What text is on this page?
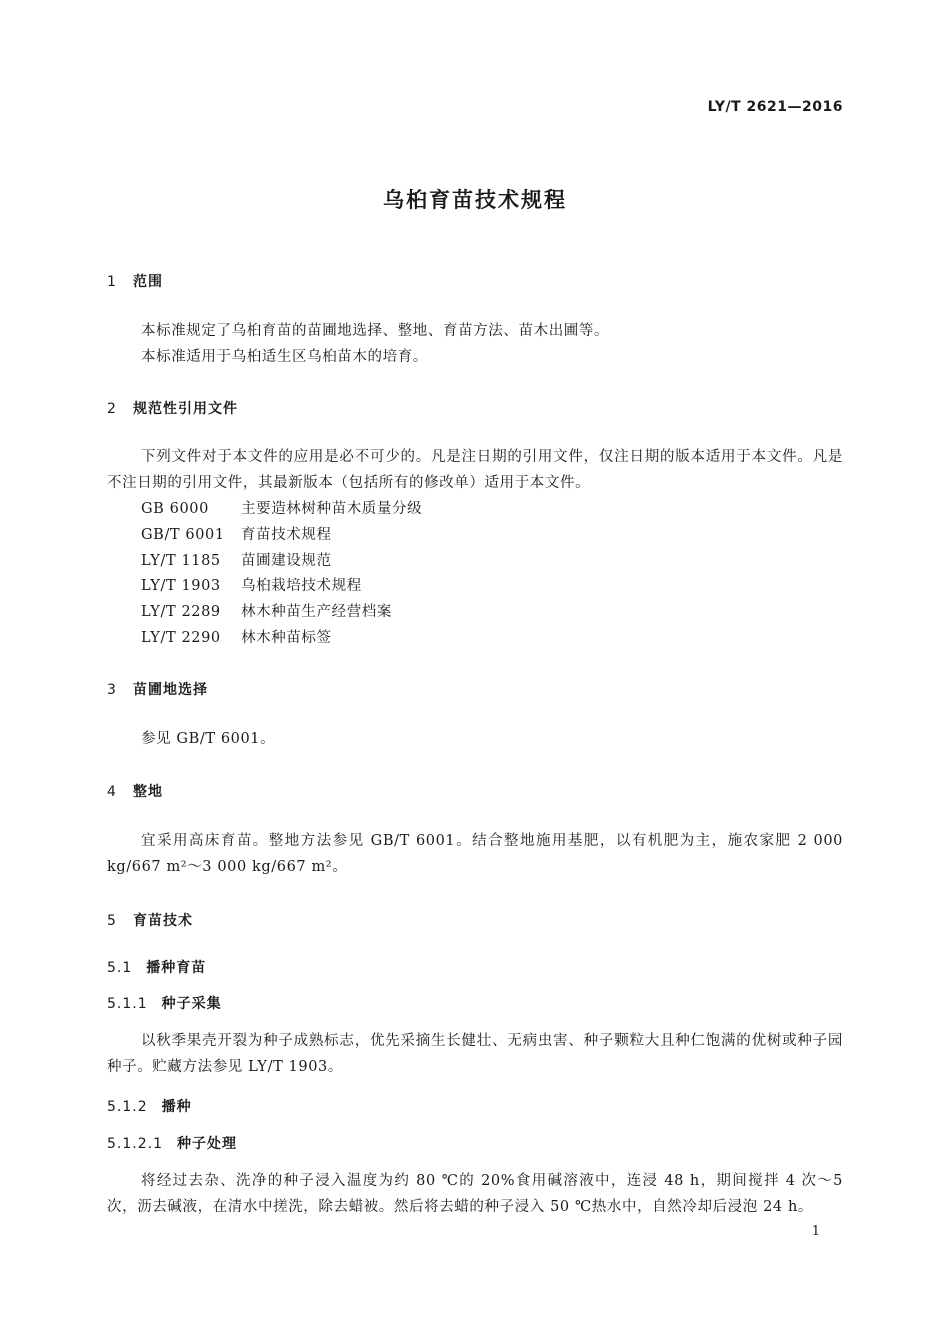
LY/T 2621—2016
乌桕育苗技术规程
1 范围
本标准规定了乌桕育苗的苗圃地选择、整地、育苗方法、苗木出圃等。
本标准适用于乌桕适生区乌桕苗木的培育。
2 规范性引用文件
下列文件对于本文件的应用是必不可少的。凡是注日期的引用文件，仅注日期的版本适用于本文件。凡是不注日期的引用文件，其最新版本（包括所有的修改单）适用于本文件。
GB 6000 主要造林树种苗木质量分级
GB/T 6001 育苗技术规程
LY/T 1185 苗圃建设规范
LY/T 1903 乌桕栽培技术规程
LY/T 2289 林木种苗生产经营档案
LY/T 2290 林木种苗标签
3 苗圃地选择
参见 GB/T 6001。
4 整地
宜采用高床育苗。整地方法参见 GB/T 6001。结合整地施用基肥，以有机肥为主，施农家肥 2 000 kg/667 m²～3 000 kg/667 m²。
5 育苗技术
5.1 播种育苗
5.1.1 种子采集
以秋季果壳开裂为种子成熟标志，优先采摘生长健壮、无病虫害、种子颗粒大且种仁饱满的优树或种子园种子。贮藏方法参见 LY/T 1903。
5.1.2 播种
5.1.2.1 种子处理
将经过去杂、洗净的种子浸入温度为约 80 ℃的 20%食用碱溶液中，连浸 48 h，期间搅拌 4 次～5 次，沥去碱液，在清水中搓洗，除去蜡被。然后将去蜡的种子浸入 50 ℃热水中，自然冷却后浸泡 24 h。
1
